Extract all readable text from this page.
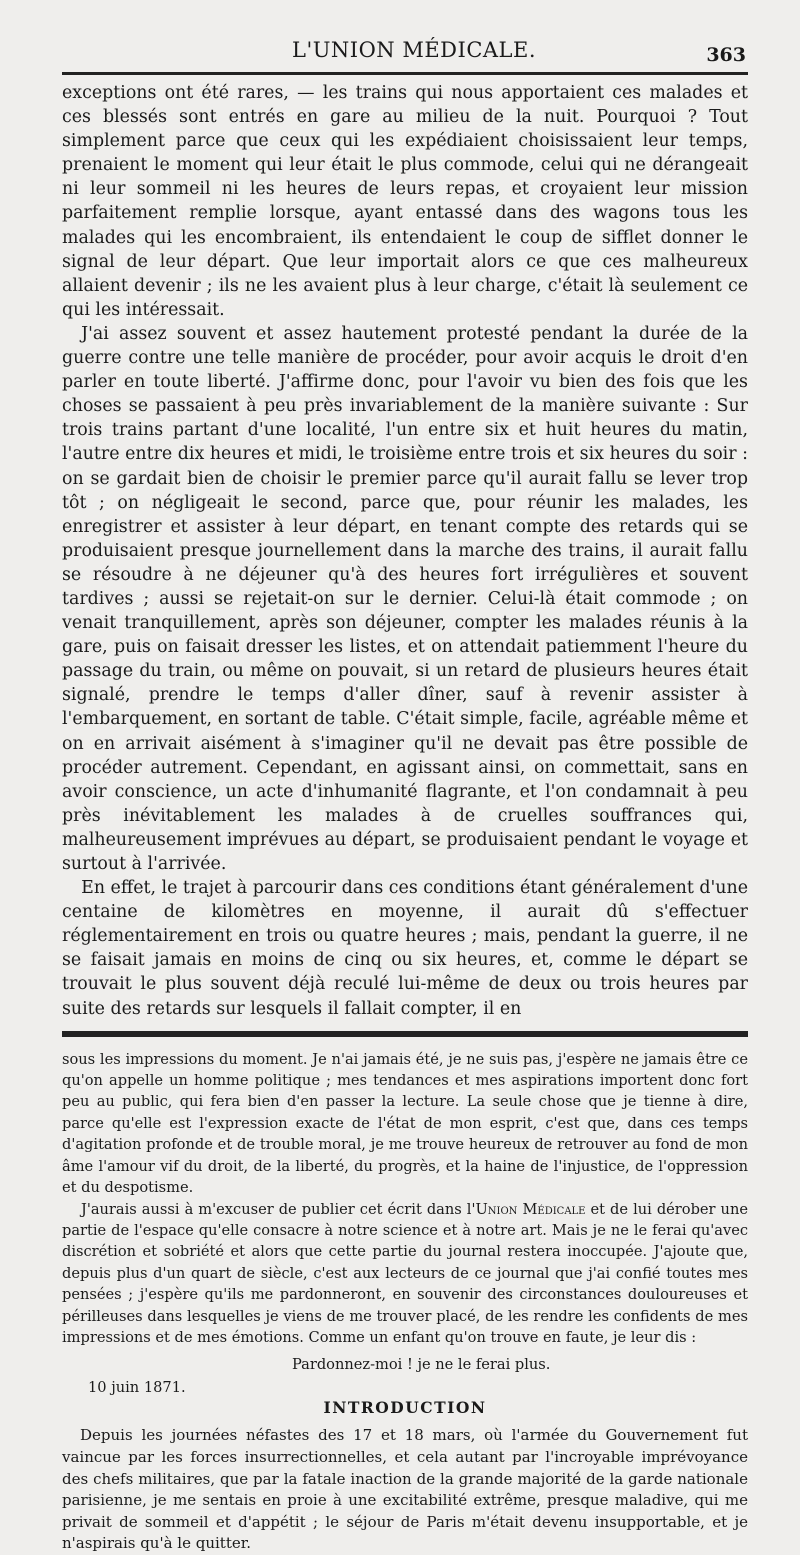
L'UNION MÉDICALE.	363

exceptions ont été rares, — les trains qui nous apportaient ces malades et ces blessés sont entrés en gare au milieu de la nuit. Pourquoi ? Tout simplement parce que ceux qui les expédiaient choisissaient leur temps, prenaient le moment qui leur était le plus commode, celui qui ne dérangeait ni leur sommeil ni les heures de leurs repas, et croyaient leur mission parfaitement remplie lorsque, ayant entassé dans des wagons tous les malades qui les encombraient, ils entendaient le coup de sifflet donner le signal de leur départ. Que leur importait alors ce que ces malheureux allaient devenir ; ils ne les avaient plus à leur charge, c'était là seulement ce qui les intéressait.

J'ai assez souvent et assez hautement protesté pendant la durée de la guerre contre une telle manière de procéder, pour avoir acquis le droit d'en parler en toute liberté. J'affirme donc, pour l'avoir vu bien des fois que les choses se passaient à peu près invariablement de la manière suivante : Sur trois trains partant d'une localité, l'un entre six et huit heures du matin, l'autre entre dix heures et midi, le troisième entre trois et six heures du soir : on se gardait bien de choisir le premier parce qu'il aurait fallu se lever trop tôt ; on négligeait le second, parce que, pour réunir les malades, les enregistrer et assister à leur départ, en tenant compte des retards qui se produisaient presque journellement dans la marche des trains, il aurait fallu se résoudre à ne déjeuner qu'à des heures fort irrégulières et souvent tardives ; aussi se rejetait-on sur le dernier. Celui-là était commode ; on venait tranquillement, après son déjeuner, compter les malades réunis à la gare, puis on faisait dresser les listes, et on attendait patiemment l'heure du passage du train, ou même on pouvait, si un retard de plusieurs heures était signalé, prendre le temps d'aller dîner, sauf à revenir assister à l'embarquement, en sortant de table. C'était simple, facile, agréable même et on en arrivait aisément à s'imaginer qu'il ne devait pas être possible de procéder autrement. Cependant, en agissant ainsi, on commettait, sans en avoir conscience, un acte d'inhumanité flagrante, et l'on condamnait à peu près inévitablement les malades à de cruelles souffrances qui, malheureusement imprévues au départ, se produisaient pendant le voyage et surtout à l'arrivée.

En effet, le trajet à parcourir dans ces conditions étant généralement d'une centaine de kilomètres en moyenne, il aurait dû s'effectuer réglementairement en trois ou quatre heures ; mais, pendant la guerre, il ne se faisait jamais en moins de cinq ou six heures, et, comme le départ se trouvait le plus souvent déjà reculé lui-même de deux ou trois heures par suite des retards sur lesquels il fallait compter, il en

sous les impressions du moment. Je n'ai jamais été, je ne suis pas, j'espère ne jamais être ce qu'on appelle un homme politique ; mes tendances et mes aspirations importent donc fort peu au public, qui fera bien d'en passer la lecture. La seule chose que je tienne à dire, parce qu'elle est l'expression exacte de l'état de mon esprit, c'est que, dans ces temps d'agitation profonde et de trouble moral, je me trouve heureux de retrouver au fond de mon âme l'amour vif du droit, de la liberté, du progrès, et la haine de l'injustice, de l'oppression et du despotisme.

J'aurais aussi à m'excuser de publier cet écrit dans l'Union Médicale et de lui dérober une partie de l'espace qu'elle consacre à notre science et à notre art. Mais je ne le ferai qu'avec discrétion et sobriété et alors que cette partie du journal restera inoccupée. J'ajoute que, depuis plus d'un quart de siècle, c'est aux lecteurs de ce journal que j'ai confié toutes mes pensées ; j'espère qu'ils me pardonneront, en souvenir des circonstances douloureuses et périlleuses dans lesquelles je viens de me trouver placé, de les rendre les confidents de mes impressions et de mes émotions. Comme un enfant qu'on trouve en faute, je leur dis :

Pardonnez-moi ! je ne le ferai plus.
10 juin 1871.
INTRODUCTION

Depuis les journées néfastes des 17 et 18 mars, où l'armée du Gouvernement fut vaincue par les forces insurrectionnelles, et cela autant par l'incroyable imprévoyance des chefs militaires, que par la fatale inaction de la grande majorité de la garde nationale parisienne, je me sentais en proie à une excitabilité extrême, presque maladive, qui me privait de sommeil et d'appétit ; le séjour de Paris m'était devenu insupportable, et je n'aspirais qu'à le quitter.
